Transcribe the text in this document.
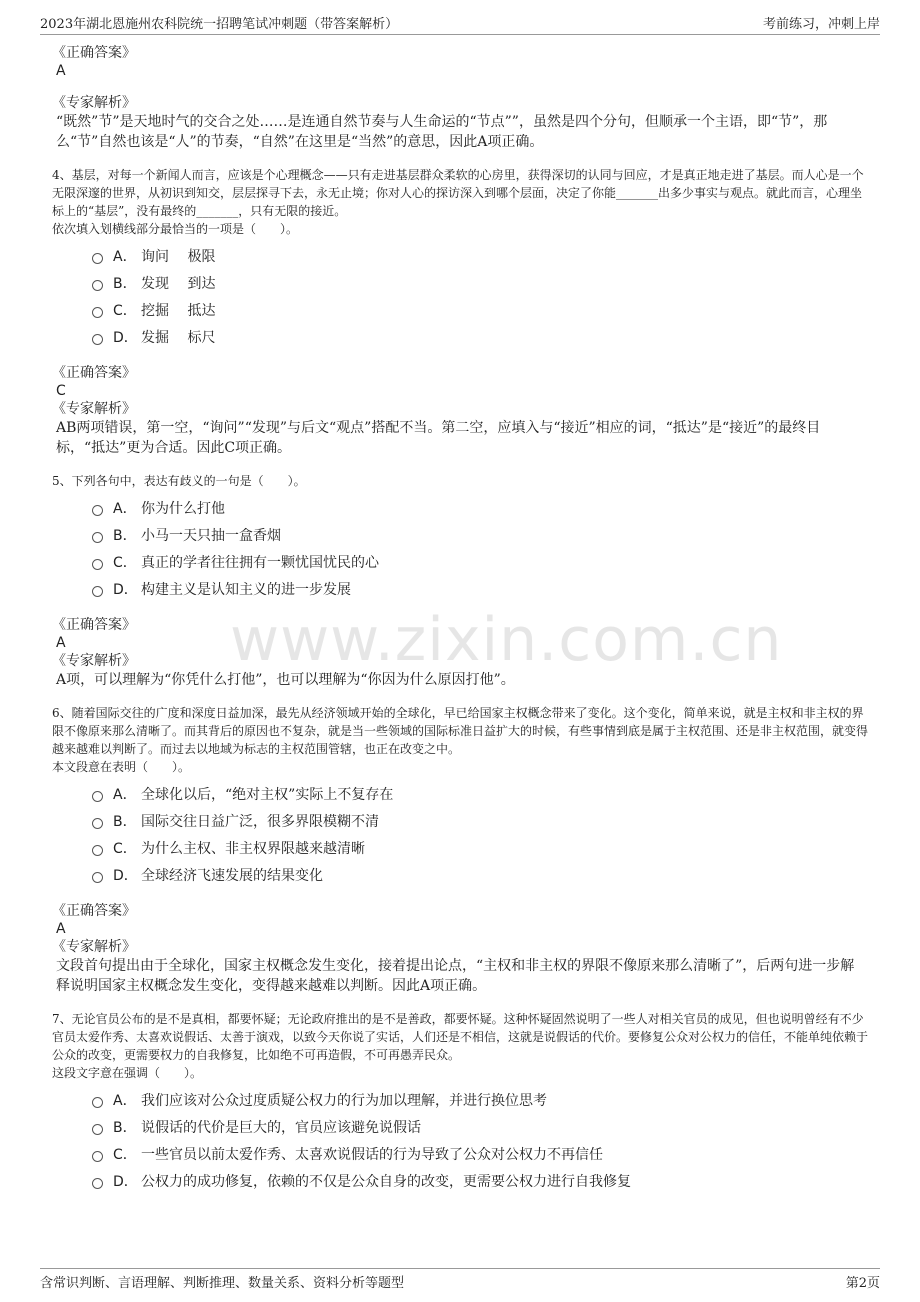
2023年湖北恩施州农科院统一招聘笔试冲刺题（带答案解析）	考前练习，冲刺上岸
www.zixin.com.cn

《正确答案》

A

《专家解析》

“既然”节”是天地时气的交合之处……是连通自然节奏与人生命运的“节点””，虽然是四个分句，但顺承一个主语，即“节”，那么“节”自然也该是“人”的节奏，“自然”在这里是“当然”的意思，因此A项正确。

4、基层，对每一个新闻人而言，应该是个心理概念——只有走进基层群众柔软的心房里，获得深切的认同与回应，才是真正地走进了基层。而人心是一个无限深邃的世界，从初识到知交，层层探寻下去，永无止境；你对人心的探访深入到哪个层面，决定了你能_______出多少事实与观点。就此而言，心理坐标上的“基层”，没有最终的_______，只有无限的接近。

依次填入划横线部分最恰当的一项是（　　）。

A． 询问　 极限
B． 发现　 到达
C． 挖掘　 抵达
D． 发掘　 标尺

《正确答案》

C

《专家解析》

AB两项错误，第一空，“询问”“发现”与后文“观点”搭配不当。第二空，应填入与“接近”相应的词，“抵达”是“接近”的最终目标，“抵达”更为合适。因此C项正确。

5、下列各句中，表达有歧义的一句是（　　）。

A． 你为什么打他
B． 小马一天只抽一盒香烟
C． 真正的学者往往拥有一颗忧国忧民的心
D． 构建主义是认知主义的进一步发展

《正确答案》

A

《专家解析》

A项，可以理解为“你凭什么打他”，也可以理解为“你因为什么原因打他”。

6、随着国际交往的广度和深度日益加深，最先从经济领域开始的全球化，早已给国家主权概念带来了变化。这个变化，简单来说，就是主权和非主权的界限不像原来那么清晰了。而其背后的原因也不复杂，就是当一些领域的国际标准日益扩大的时候，有些事情到底是属于主权范围、还是非主权范围，就变得越来越难以判断了。而过去以地域为标志的主权范围管辖，也正在改变之中。

本文段意在表明（　　）。

A． 全球化以后，“绝对主权”实际上不复存在
B． 国际交往日益广泛，很多界限模糊不清
C． 为什么主权、非主权界限越来越清晰
D． 全球经济飞速发展的结果变化

《正确答案》

A

《专家解析》

文段首句提出由于全球化，国家主权概念发生变化，接着提出论点，“主权和非主权的界限不像原来那么清晰了”，后两句进一步解释说明国家主权概念发生变化，变得越来越难以判断。因此A项正确。

7、无论官员公布的是不是真相，都要怀疑；无论政府推出的是不是善政，都要怀疑。这种怀疑固然说明了一些人对相关官员的成见，但也说明曾经有不少官员太爱作秀、太喜欢说假话、太善于演戏，以致今天你说了实话，人们还是不相信，这就是说假话的代价。要修复公众对公权力的信任，不能单纯依赖于公众的改变，更需要权力的自我修复，比如绝不可再造假，不可再愚弄民众。

这段文字意在强调（　　）。

A． 我们应该对公众过度质疑公权力的行为加以理解，并进行换位思考
B． 说假话的代价是巨大的，官员应该避免说假话
C． 一些官员以前太爱作秀、太喜欢说假话的行为导致了公众对公权力不再信任
D． 公权力的成功修复，依赖的不仅是公众自身的改变，更需要公权力进行自我修复
含常识判断、言语理解、判断推理、数量关系、资料分析等题型	第2页
